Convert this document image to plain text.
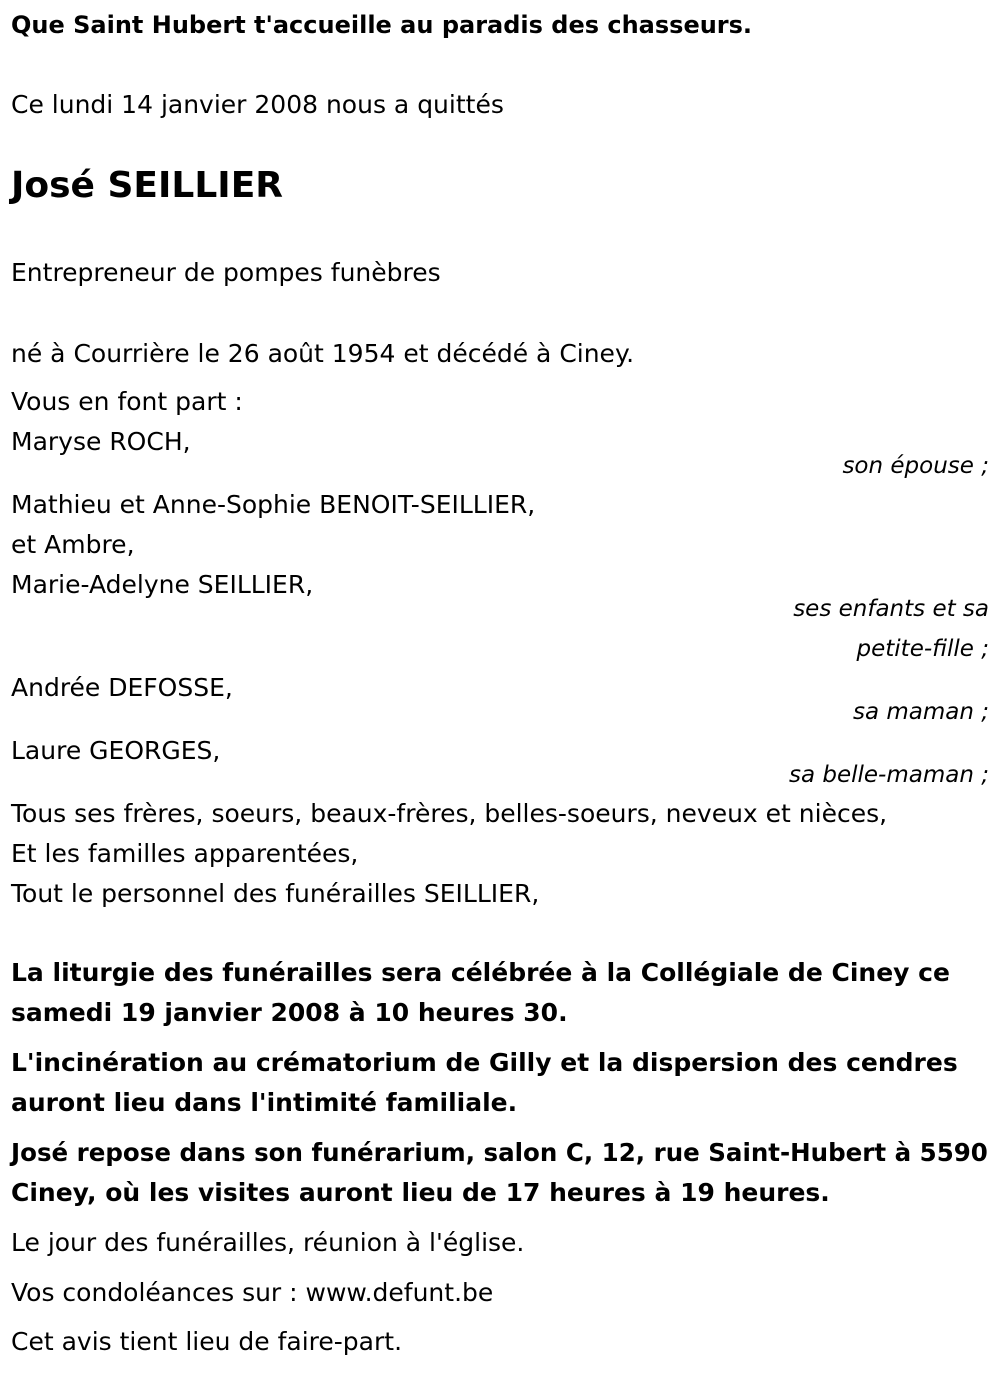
Que Saint Hubert t'accueille au paradis des chasseurs.
Ce lundi 14 janvier 2008 nous a quittés
José SEILLIER
Entrepreneur de pompes funèbres
né à Courrière le 26 août 1954 et décédé à Ciney.
Vous en font part :
Maryse ROCH,
son épouse ;
Mathieu et Anne-Sophie BENOIT-SEILLIER,
et Ambre,
Marie-Adelyne SEILLIER,
ses enfants et sa
petite-fille ;
Andrée DEFOSSE,
sa maman ;
Laure GEORGES,
sa belle-maman ;
Tous ses frères, soeurs, beaux-frères, belles-soeurs, neveux et nièces,
Et les familles apparentées,
Tout le personnel des funérailles SEILLIER,
La liturgie des funérailles sera célébrée à la Collégiale de Ciney ce
samedi 19 janvier 2008 à 10 heures 30.
L'incinération au crématorium de Gilly et la dispersion des cendres
auront lieu dans l'intimité familiale.
José repose dans son funérarium, salon C, 12, rue Saint-Hubert à 5590
Ciney, où les visites auront lieu de 17 heures à 19 heures.
Le jour des funérailles, réunion à l'église.
Vos condoléances sur : www.defunt.be
Cet avis tient lieu de faire-part.
